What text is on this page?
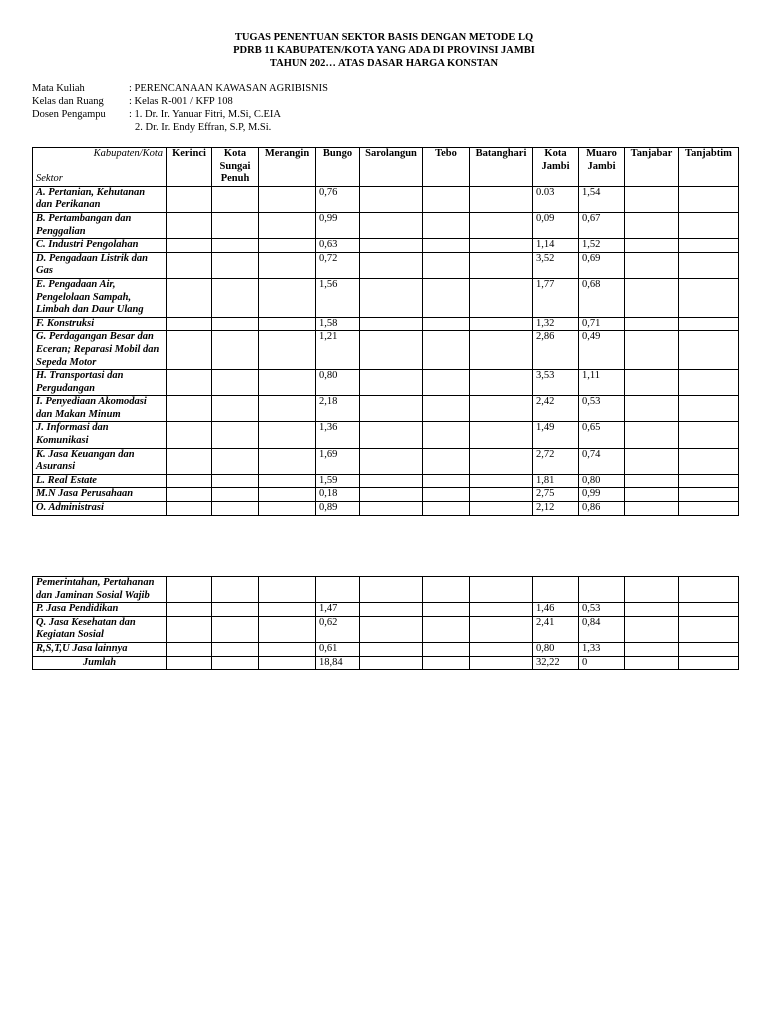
TUGAS PENENTUAN SEKTOR BASIS DENGAN METODE LQ
PDRB 11 KABUPATEN/KOTA YANG ADA DI PROVINSI JAMBI
TAHUN 202… ATAS DASAR HARGA KONSTAN
Mata Kuliah	: PERENCANAAN KAWASAN AGRIBISNIS
Kelas dan Ruang : Kelas R-001 / KFP 108
Dosen Pengampu : 1. Dr. Ir. Yanuar Fitri, M.Si, C.EIA
2. Dr. Ir. Endy Effran, S.P, M.Si.
Kabupaten/Kota
Sektor	Kerinci	Kota Sungai Penuh	Merangin	Bungo	Sarolangun	Tebo	Batanghari	Kota Jambi	Muaro Jambi	Tanjabar	Tanjabtim
A. Pertanian, Kehutanan dan Perikanan				0,76				0.03	1,54		
B. Pertambangan dan Penggalian				0,99				0,09	0,67		
C. Industri Pengolahan				0,63				1,14	1,52		
D. Pengadaan Listrik dan Gas				0,72				3,52	0,69		
E. Pengadaan Air, Pengelolaan Sampah, Limbah dan Daur Ulang				1,56				1,77	0,68		
F. Konstruksi				1,58				1,32	0,71		
G. Perdagangan Besar dan Eceran; Reparasi Mobil dan Sepeda Motor				1,21				2,86	0,49		
H. Transportasi dan Pergudangan				0,80				3,53	1,11		
I. Penyediaan Akomodasi dan Makan Minum				2,18				2,42	0,53		
J. Informasi dan Komunikasi				1,36				1,49	0,65		
K. Jasa Keuangan dan Asuransi				1,69				2,72	0,74		
L. Real Estate				1,59				1,81	0,80		
M.N Jasa Perusahaan				0,18				2,75	0,99		
O. Administrasi				0,89				2,12	0,86		
Pemerintahan, Pertahanan dan Jaminan Sosial Wajib											
P. Jasa Pendidikan				1,47				1,46	0,53		
Q. Jasa Kesehatan dan Kegiatan Sosial				0,62				2,41	0,84		
R,S,T,U Jasa lainnya				0,61				0,80	1,33		
Jumlah				18,84				32,22	0		
